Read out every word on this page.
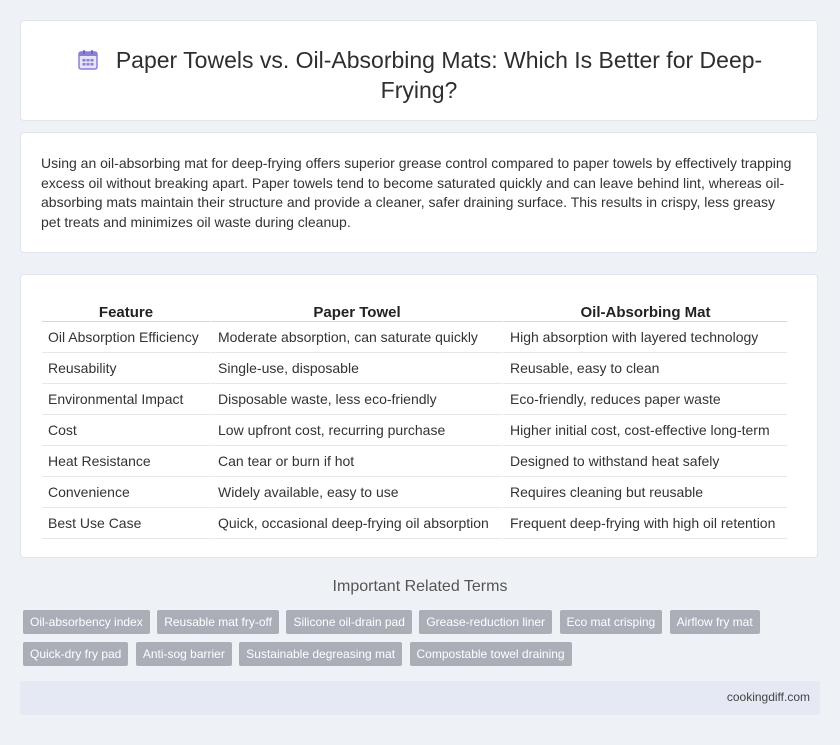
Paper Towels vs. Oil-Absorbing Mats: Which Is Better for Deep-Frying?
Using an oil-absorbing mat for deep-frying offers superior grease control compared to paper towels by effectively trapping excess oil without breaking apart. Paper towels tend to become saturated quickly and can leave behind lint, whereas oil-absorbing mats maintain their structure and provide a cleaner, safer draining surface. This results in crispy, less greasy pet treats and minimizes oil waste during cleanup.
Feature	Paper Towel	Oil-Absorbing Mat
Oil Absorption Efficiency	Moderate absorption, can saturate quickly	High absorption with layered technology
Reusability	Single-use, disposable	Reusable, easy to clean
Environmental Impact	Disposable waste, less eco-friendly	Eco-friendly, reduces paper waste
Cost	Low upfront cost, recurring purchase	Higher initial cost, cost-effective long-term
Heat Resistance	Can tear or burn if hot	Designed to withstand heat safely
Convenience	Widely available, easy to use	Requires cleaning but reusable
Best Use Case	Quick, occasional deep-frying oil absorption	Frequent deep-frying with high oil retention
Important Related Terms
Oil-absorbency index Reusable mat fry-off Silicone oil-drain pad Grease-reduction liner Eco mat crisping Airflow fry mat Quick-dry fry pad Anti-sog barrier Sustainable degreasing mat Compostable towel draining
cookingdiff.com
